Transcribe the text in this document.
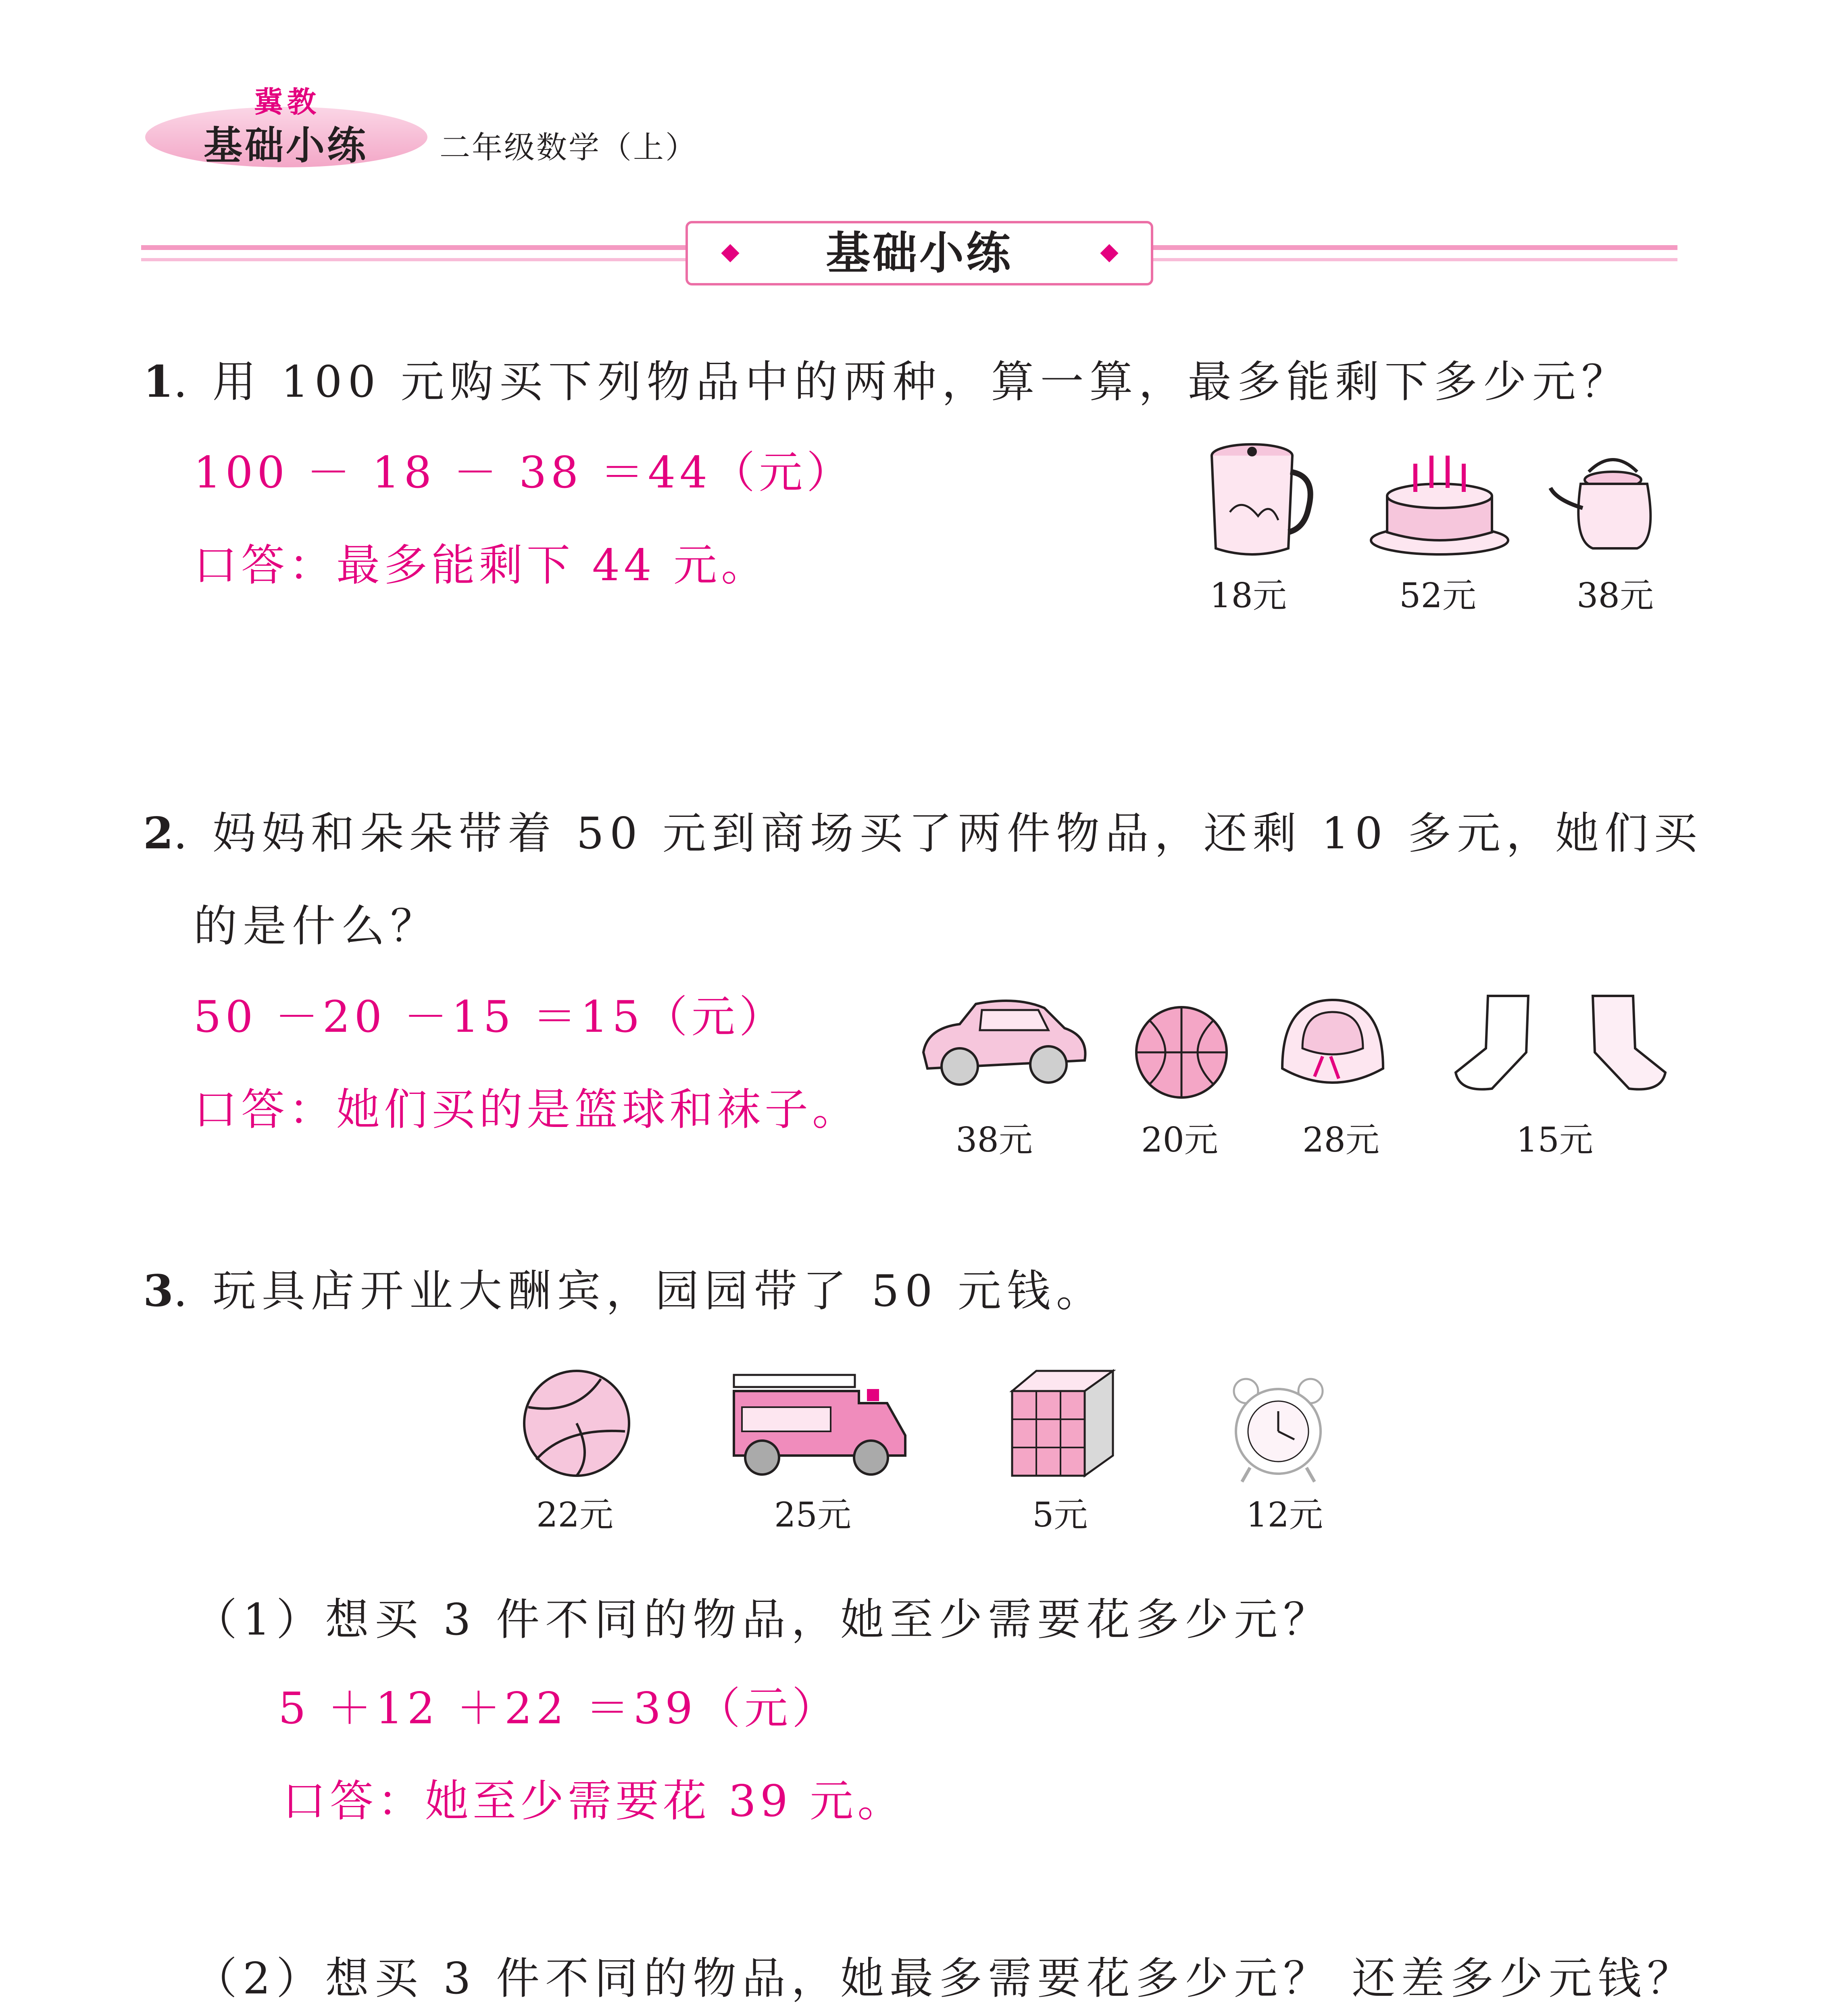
冀教
基础小练 二年级数学（上）
基础小练
1. 用 100 元购买下列物品中的两种，算一算，最多能剩下多少元？
100 － 18 － 38 ＝44（元）
口答：最多能剩下 44 元。
18元	52元	38元
2. 妈妈和朵朵带着 50 元到商场买了两件物品，还剩 10 多元，她们买
的是什么？
50 －20 －15 ＝15（元）
口答：她们买的是篮球和袜子。
38元	20元 28元	15元
3. 玩具店开业大酬宾，园园带了 50 元钱。
22元	25元	5元	12元
（1）想买 3 件不同的物品，她至少需要花多少元？
5 ＋12 ＋22 ＝39（元）
口答：她至少需要花 39 元。
（2）想买 3 件不同的物品，她最多需要花多少元？ 还差多少元钱？
